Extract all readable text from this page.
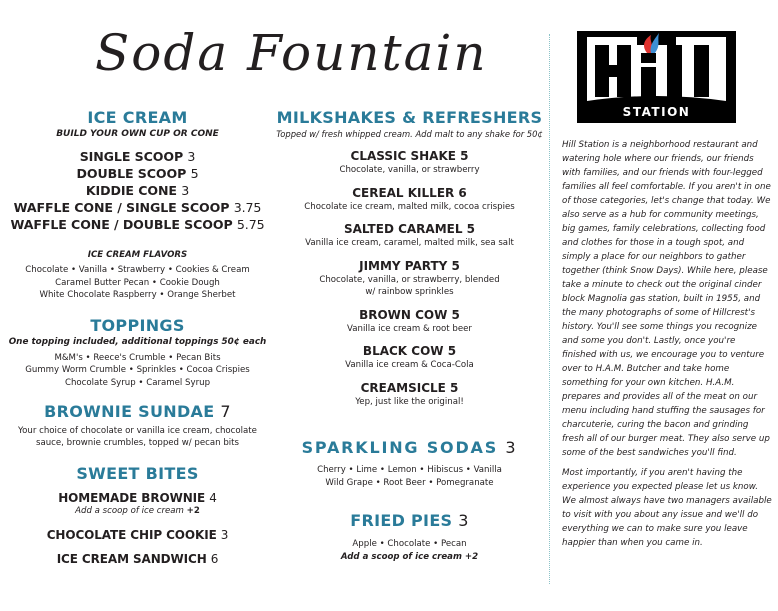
Soda Fountain
ICE CREAM
BUILD YOUR OWN CUP OR CONE
SINGLE SCOOP 3
DOUBLE SCOOP 5
KIDDIE CONE 3
WAFFLE CONE / SINGLE SCOOP 3.75
WAFFLE CONE / DOUBLE SCOOP 5.75
ICE CREAM FLAVORS
Chocolate • Vanilla • Strawberry • Cookies & Cream
Caramel Butter Pecan • Cookie Dough
White Chocolate Raspberry • Orange Sherbet
TOPPINGS
One topping included, additional toppings 50¢ each
M&M's • Reece's Crumble • Pecan Bits
Gummy Worm Crumble • Sprinkles • Cocoa Crispies
Chocolate Syrup • Caramel Syrup
BROWNIE SUNDAE 7
Your choice of chocolate or vanilla ice cream, chocolate
sauce, brownie crumbles, topped w/ pecan bits
SWEET BITES
HOMEMADE BROWNIE 4
Add a scoop of ice cream +2
CHOCOLATE CHIP COOKIE 3
ICE CREAM SANDWICH 6
MILKSHAKES & REFRESHERS
Topped w/ fresh whipped cream. Add malt to any shake for 50¢
CLASSIC SHAKE 5
Chocolate, vanilla, or strawberry
CEREAL KILLER 6
Chocolate ice cream, malted milk, cocoa crispies
SALTED CARAMEL 5
Vanilla ice cream, caramel, malted milk, sea salt
JIMMY PARTY 5
Chocolate, vanilla, or strawberry, blended
w/ rainbow sprinkles
BROWN COW 5
Vanilla ice cream & root beer
BLACK COW 5
Vanilla ice cream & Coca-Cola
CREAMSICLE 5
Yep, just like the original!
SPARKLING SODAS 3
Cherry • Lime • Lemon • Hibiscus • Vanilla
Wild Grape • Root Beer • Pomegranate
FRIED PIES 3
Apple • Chocolate • Pecan
Add a scoop of ice cream +2
STATION

Hill Station is a neighborhood restaurant and watering hole where our friends, our friends with families, and our friends with four-legged families all feel comfortable. If you aren't in one of those categories, let's change that today. We also serve as a hub for community meetings, big games, family celebrations, collecting food and clothes for those in a tough spot, and simply a place for our neighbors to gather together (think Snow Days). While here, please take a minute to check out the original cinder block Magnolia gas station, built in 1955, and the many photographs of some of Hillcrest's history. You'll see some things you recognize and some you don't. Lastly, once you're finished with us, we encourage you to venture over to H.A.M. Butcher and take home something for your own kitchen. H.A.M. prepares and provides all of the meat on our menu including hand stuffing the sausages for charcuterie, curing the bacon and grinding fresh all of our burger meat. They also serve up some of the best sandwiches you'll find.

Most importantly, if you aren't having the experience you expected please let us know. We almost always have two managers available to visit with you about any issue and we'll do everything we can to make sure you leave happier than when you came in.
